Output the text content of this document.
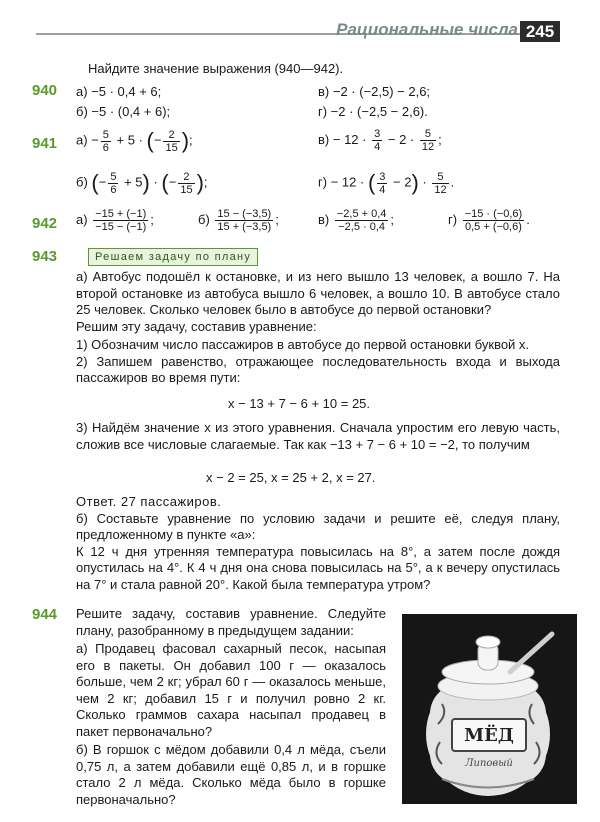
Рациональные числа 245
Найдите значение выражения (940—942).
940 а) −5 · 0,4 + 6;	в) −2 · (−2,5) − 2,6;
б) −5 · (0,4 + 6);	г) −2 · (−2,5 − 2,6).
941 $а) - \frac{5}{6} + 5$ · (− $\frac{2}{15}$ );	$в) - 12 \cdot \frac{3}{4} - 2 \cdot \frac{5}{12}$ ;
б) (− $\frac{5}{6} + 5$) · (− $\frac{2}{15}$ );	г) − 12 · ( $\frac{3}{4} - 2) \cdot \frac{5}{12}$ .
942 $а) \frac{-15 + (-1)}{-15 - (-1)}$ ;	$б) \frac{15 - (-3,5)}{15 + (-3,5)}$ ;	$в) \frac{-2,5 + 0,4}{-2,5 \cdot 0,4}$ ;	$г) \frac{-15 \cdot (-0,6)}{0,5 + (-0,6)}$ .
943	Решаем задачу по плану

а) Автобус подошёл к остановке, и из него вышло 13 человек, а вошло 7. На второй остановке из автобуса вышло 6 человек, а вошло 10. В автобусе стало 25 человек. Сколько человек было в автобусе до первой остановки?

Решим эту задачу, составив уравнение:

1) Обозначим число пассажиров в автобусе до первой остановки буквой x.

2) Запишем равенство, отражающее последовательность входа и выхода пассажиров во время пути:

x − 13 + 7 − 6 + 10 = 25.

3) Найдём значение x из этого уравнения. Сначала упростим его левую часть, сложив все числовые слагаемые. Так как −13 + 7 − 6 + 10 = −2, то получим

x − 2 = 25, x = 25 + 2, x = 27.

Ответ. 27 пассажиров.

б) Составьте уравнение по условию задачи и решите её, следуя плану, предложенному в пункте «а»:

К 12 ч дня утренняя температура повысилась на 8°, а затем после дождя опустилась на 4°. К 4 ч дня она снова повысилась на 5°, а к вечеру опустилась на 7° и стала равной 20°. Какой была температура утром?

944 Решите задачу, составив уравнение. Следуйте плану, разобранному в предыдущем задании:

а) Продавец фасовал сахарный песок, насыпая его в пакеты. Он добавил 100 г — оказалось больше, чем 2 кг; убрал 60 г — оказалось меньше, чем 2 кг; добавил 15 г и получил ровно 2 кг. Сколько граммов сахара насыпал продавец в пакет первоначально?

б) В горшок с мёдом добавили 0,4 л мёда, съели 0,75 л, а затем добавили ещё 0,85 л, и в горшке стало 2 л мёда. Сколько мёда было в горшке первоначально?

МЁД
Липовый
